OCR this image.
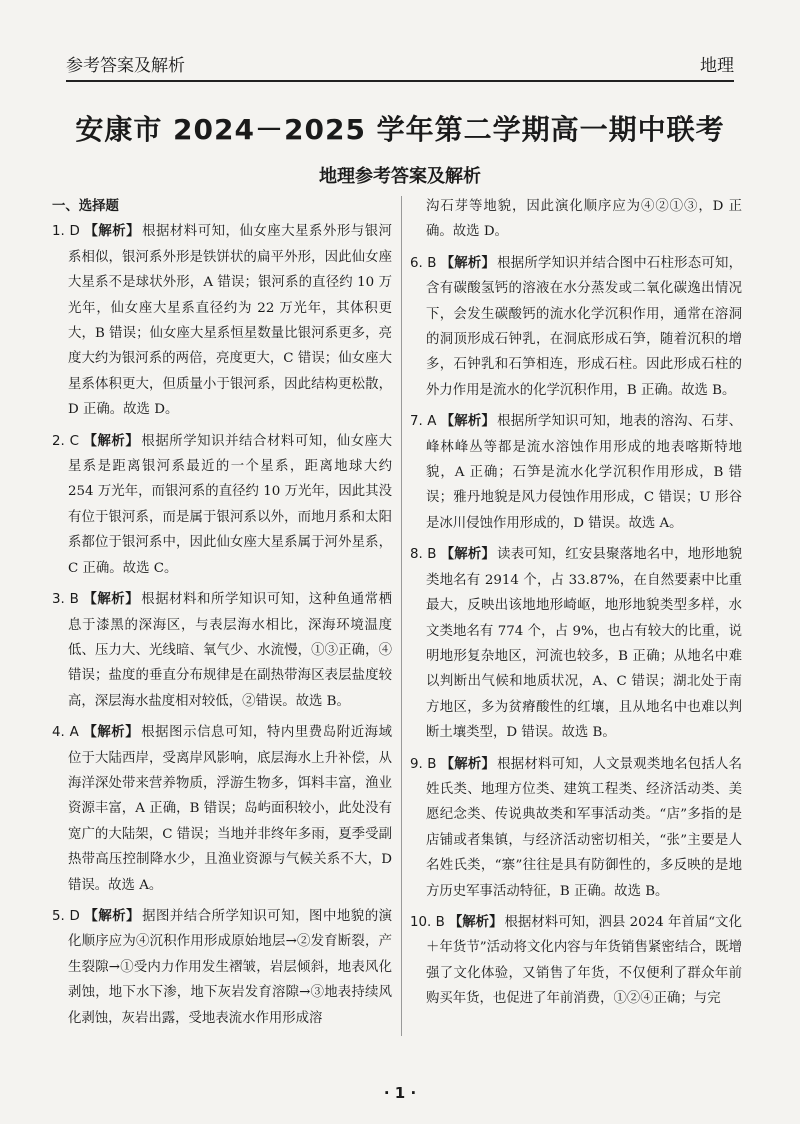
参考答案及解析	地理
安康市 2024－2025 学年第二学期高一期中联考
地理参考答案及解析
一、选择题
1. D 【解析】 根据材料可知，仙女座大星系外形与银河系相似，银河系外形是铁饼状的扁平外形，因此仙女座大星系不是球状外形，A 错误；银河系的直径约 10 万光年，仙女座大星系直径约为 22 万光年，其体积更大，B 错误；仙女座大星系恒星数量比银河系更多，亮度大约为银河系的两倍，亮度更大，C 错误；仙女座大星系体积更大，但质量小于银河系，因此结构更松散，D 正确。故选 D。
2. C 【解析】 根据所学知识并结合材料可知，仙女座大星系是距离银河系最近的一个星系，距离地球大约 254 万光年，而银河系的直径约 10 万光年，因此其没有位于银河系，而是属于银河系以外，而地月系和太阳系都位于银河系中，因此仙女座大星系属于河外星系，C 正确。故选 C。
3. B 【解析】 根据材料和所学知识可知，这种鱼通常栖息于漆黑的深海区，与表层海水相比，深海环境温度低、压力大、光线暗、氧气少、水流慢，①③正确，④错误；盐度的垂直分布规律是在副热带海区表层盐度较高，深层海水盐度相对较低，②错误。故选 B。
4. A 【解析】 根据图示信息可知，特内里费岛附近海域位于大陆西岸，受离岸风影响，底层海水上升补偿，从海洋深处带来营养物质，浮游生物多，饵料丰富，渔业资源丰富，A 正确，B 错误；岛屿面积较小，此处没有宽广的大陆架，C 错误；当地并非终年多雨，夏季受副热带高压控制降水少，且渔业资源与气候关系不大，D 错误。故选 A。
5. D 【解析】 据图并结合所学知识可知，图中地貌的演化顺序应为④沉积作用形成原始地层→②发育断裂，产生裂隙→①受内力作用发生褶皱，岩层倾斜，地表风化剥蚀，地下水下渗，地下灰岩发育溶隙→③地表持续风化剥蚀，灰岩出露，受地表流水作用形成溶
沟石芽等地貌，因此演化顺序应为④②①③，D 正确。故选 D。
6. B 【解析】 根据所学知识并结合图中石柱形态可知，含有碳酸氢钙的溶液在水分蒸发或二氧化碳逸出情况下，会发生碳酸钙的流水化学沉积作用，通常在溶洞的洞顶形成石钟乳，在洞底形成石笋，随着沉积的增多，石钟乳和石笋相连，形成石柱。因此形成石柱的外力作用是流水的化学沉积作用，B 正确。故选 B。
7. A 【解析】 根据所学知识可知，地表的溶沟、石芽、峰林峰丛等都是流水溶蚀作用形成的地表喀斯特地貌，A 正确；石笋是流水化学沉积作用形成，B 错误；雅丹地貌是风力侵蚀作用形成，C 错误；U 形谷是冰川侵蚀作用形成的，D 错误。故选 A。
8. B 【解析】 读表可知，红安县聚落地名中，地形地貌类地名有 2914 个，占 33.87%，在自然要素中比重最大，反映出该地地形崎岖，地形地貌类型多样，水文类地名有 774 个，占 9%，也占有较大的比重，说明地形复杂地区，河流也较多，B 正确；从地名中难以判断出气候和地质状况，A、C 错误；湖北处于南方地区，多为贫瘠酸性的红壤，且从地名中也难以判断土壤类型，D 错误。故选 B。
9. B 【解析】 根据材料可知，人文景观类地名包括人名姓氏类、地理方位类、建筑工程类、经济活动类、美愿纪念类、传说典故类和军事活动类。“店”多指的是店铺或者集镇，与经济活动密切相关，“张”主要是人名姓氏类，“寨”往往是具有防御性的，多反映的是地方历史军事活动特征，B 正确。故选 B。
10. B 【解析】 根据材料可知，泗县 2024 年首届“文化＋年货节”活动将文化内容与年货销售紧密结合，既增强了文化体验，又销售了年货，不仅便利了群众年前购买年货，也促进了年前消费，①②④正确；与完
· 1 ·
